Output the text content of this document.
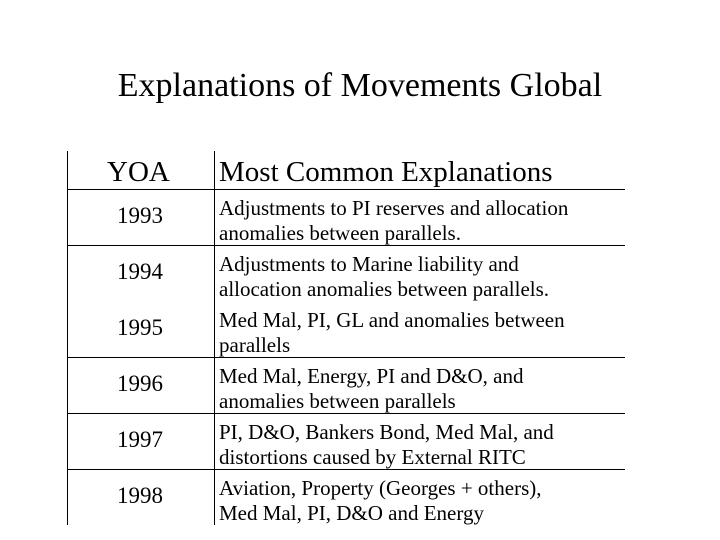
Explanations of Movements Global
YOA Most Common Explanations
1993	Adjustments to PI reserves and allocation
anomalies between parallels.
1994	Adjustments to Marine liability and
allocation anomalies between parallels.
1995	Med Mal, PI, GL and anomalies between
parallels
1996	Med Mal, Energy, PI and D&O, and
anomalies between parallels
1997	PI, D&O, Bankers Bond, Med Mal, and
distortions caused by External RITC
1998	Aviation, Property (Georges + others),
Med Mal, PI, D&O and Energy
